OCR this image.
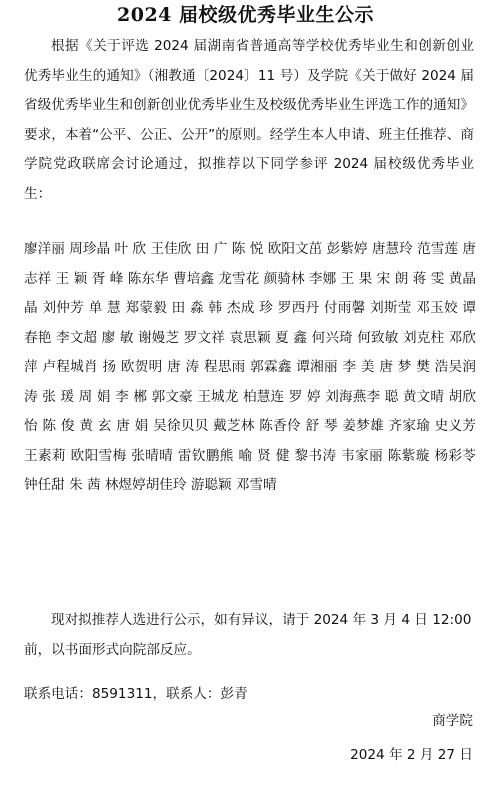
2024 届校级优秀毕业生公示

根据《关于评选 2024 届湖南省普通高等学校优秀毕业生和创新创业优秀毕业生的通知》（湘教通〔2024〕11 号）及学院《关于做好 2024 届省级优秀毕业生和创新创业优秀毕业生及校级优秀毕业生评选工作的通知》要求，本着“公平、公正、公开”的原则。经学生本人申请、班主任推荐、商学院党政联席会讨论通过，拟推荐以下同学参评 2024 届校级优秀毕业生：

廖洋丽 周珍晶 叶 欣 王佳欣 田 广 陈 悦 欧阳文茁 彭紫婷 唐慧玲 范雪莲 唐志祥 王 颖 胥 峰 陈东华 曹培鑫 龙雪花 颜骑林 李娜 王 果 宋 朗 蒋 雯 黄晶晶 刘仲芳 单 慧 郑蒙毅 田 淼 韩 杰成 珍 罗西丹 付雨馨 刘斯莹 邓玉姣 谭春艳 李文超 廖 敏 谢嫚芝 罗文祥 袁思颖 夏 鑫 何兴琦 何致敏 刘克柱 邓欣萍 卢程城肖 扬 欧贺明 唐 涛 程思雨 郭霖鑫 谭湘丽 李 美 唐 梦 樊 浩吴润涛 张 瑗 周 娟 李 郴 郭文豪 王城龙 柏慧连 罗 婷 刘海燕李 聪 黄文晴 胡欣怡 陈 俊 黄 玄 唐 娟 吴徐贝贝 戴芝林 陈香伶 舒 琴 姜梦雄 齐家瑜 史义芳 王素莉 欧阳雪梅 张晴晴 雷钦鹏熊 喻 贤 健 黎书涛 韦家丽 陈紫璇 杨彩苓 钟任甜 朱 茜 林煜婷胡佳玲 游聪颖 邓雪晴

现对拟推荐人选进行公示，如有异议，请于 2024 年 3 月 4 日 12:00 前，以书面形式向院部反应。

联系电话：8591311，联系人：彭青

商学院
2024 年 2 月 27 日
